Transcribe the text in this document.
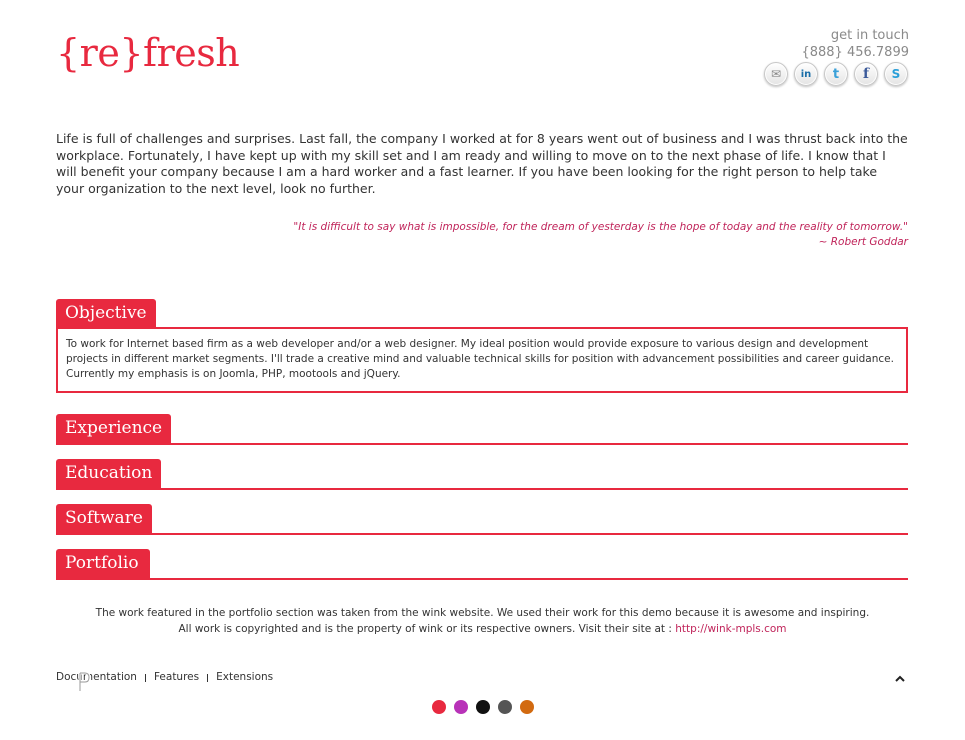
{re}fresh	get in touch
{888} 456.7899
✉ in t f S

Life is full of challenges and surprises. Last fall, the company I worked at for 8 years went out of business and I was thrust back into the workplace. Fortunately, I have kept up with my skill set and I am ready and willing to move on to the next phase of life. I know that I will benefit your company because I am a hard worker and a fast learner. If you have been looking for the right person to help take your organization to the next level, look no further.

"It is difficult to say what is impossible, for the dream of yesterday is the hope of today and the reality of tomorrow."
~ Robert Goddar
Objective
To work for Internet based firm as a web developer and/or a web designer. My ideal position would provide exposure to various design and development projects in different market segments. I'll trade a creative mind and valuable technical skills for position with advancement possibilities and career guidance. Currently my emphasis is on Joomla, PHP, mootools and jQuery.
Experience
Education
Software
Portfolio
The work featured in the portfolio section was taken from the wink website. We used their work for this demo because it is awesome and inspiring.
All work is copyrighted and is the property of wink or its respective owners. Visit their site at : http://wink-mpls.com
Documentation Features Extensions
